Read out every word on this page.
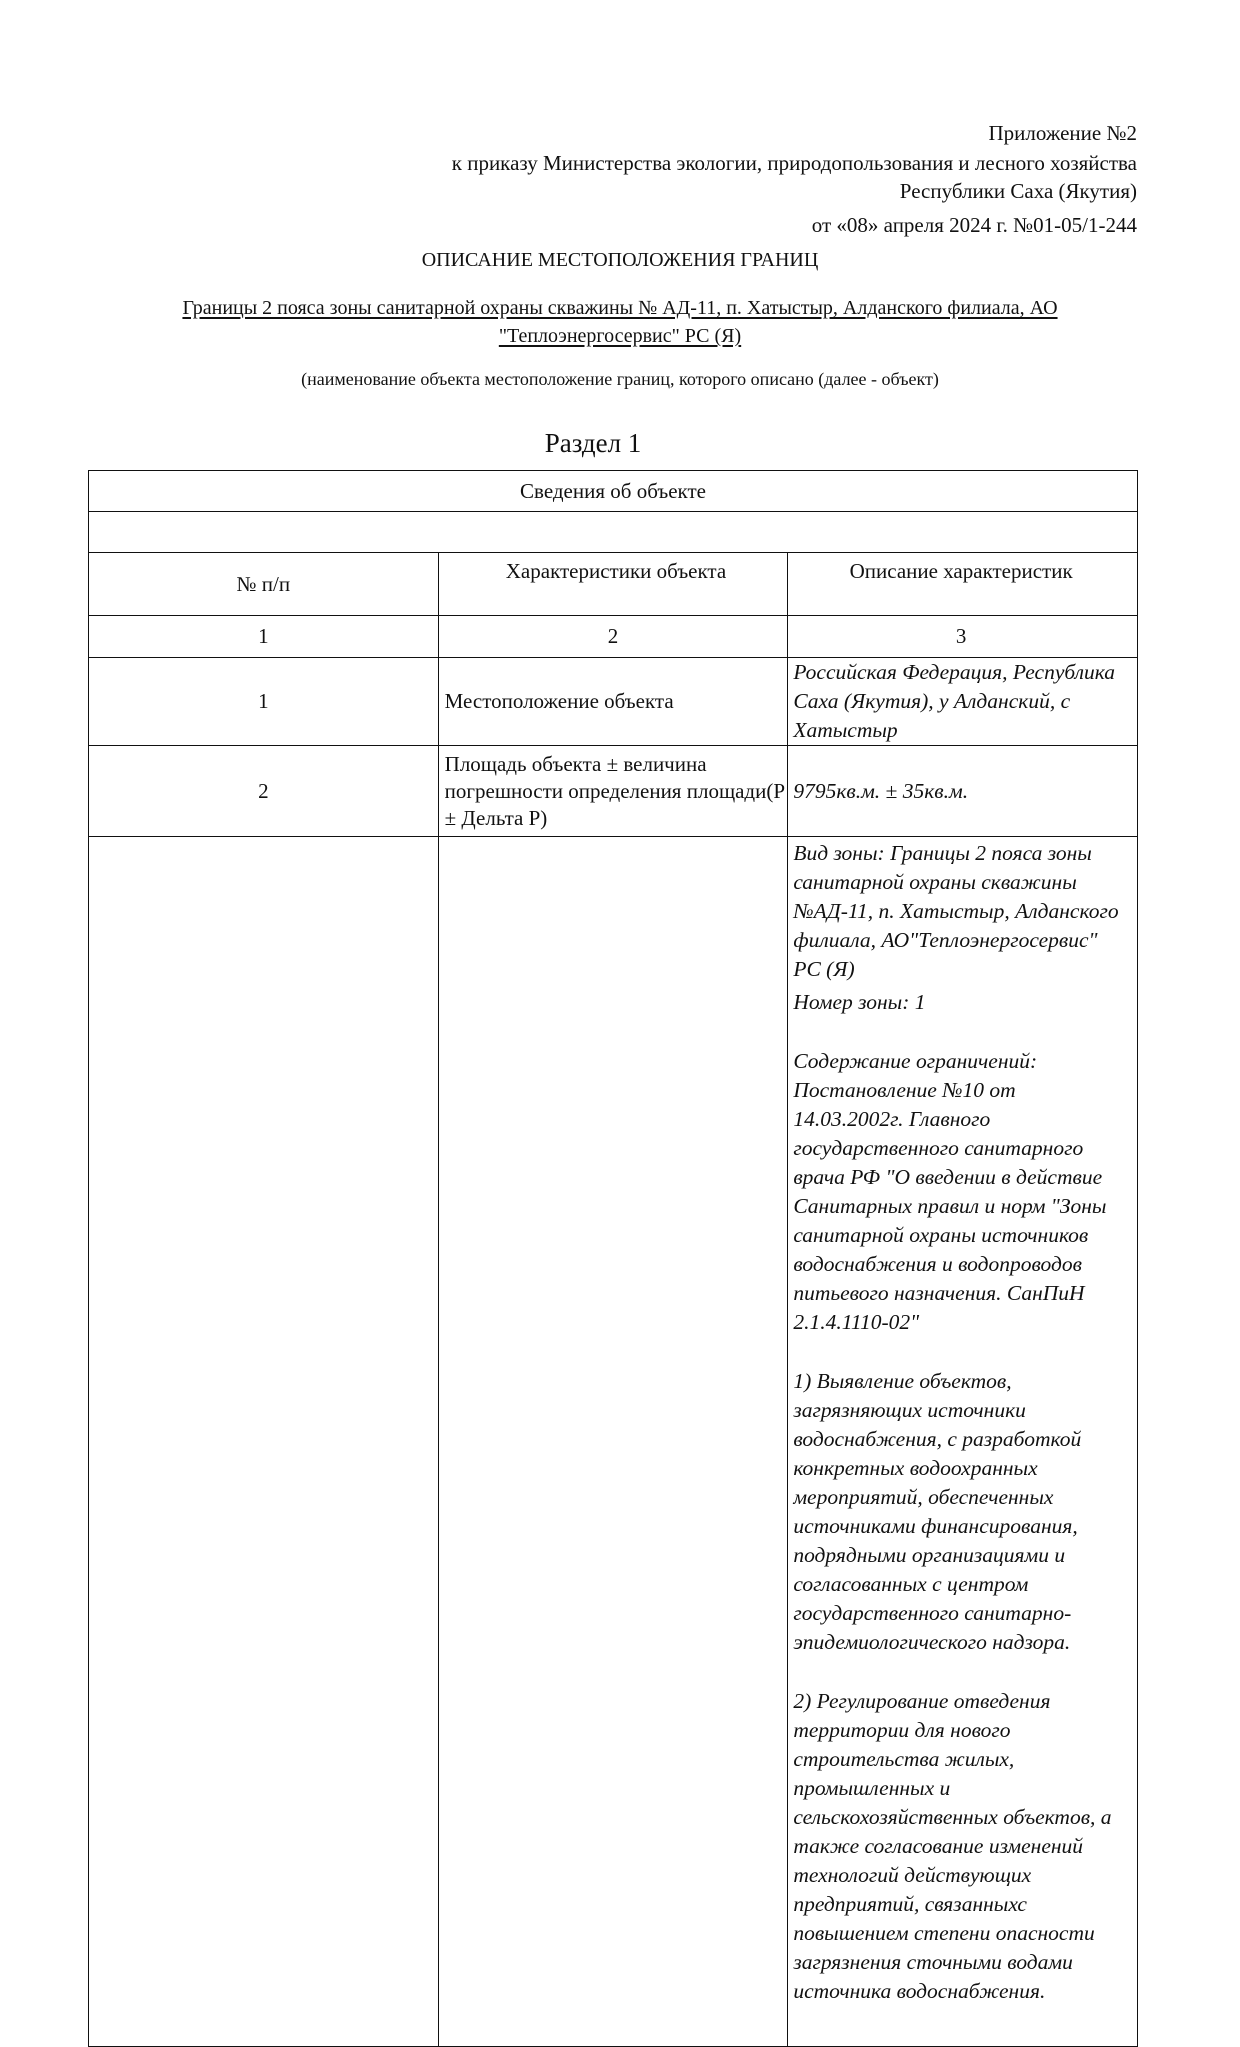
Приложение №2
к приказу Министерства экологии, природопользования и лесного хозяйства
Республики Саха (Якутия)
от «08» апреля 2024 г. №01-05/1-244
ОПИСАНИЕ МЕСТОПОЛОЖЕНИЯ ГРАНИЦ
Границы 2 пояса зоны санитарной охраны скважины № АД-11, п. Хатыстыр, Алданского филиала, АО
"Теплоэнергосервис" РС (Я)
(наименование объекта местоположение границ, которого описано (далее - объект)
Раздел 1
Сведения об объекте		

№ п/п	Характеристики объекта	Описание характеристик
1	2	3
1	Местоположение объекта	Российская Федерация, Республика Саха (Якутия), у Алданский, с Хатыстыр
2	Площадь объекта ± величина погрешности определения площади(Р ± Дельта Р)	9795кв.м. ± 35кв.м.

		Вид зоны: Границы 2 пояса зоны санитарной охраны скважины №АД-11, п. Хатыстыр, Алданского филиала, АО"Теплоэнергосервис" РС (Я)

Номер зоны: 1

Содержание ограничений: Постановление №10 от 14.03.2002г. Главного государственного санитарного врача РФ "О введении в действие Санитарных правил и норм "Зоны санитарной охраны источников водоснабжения и водопроводов питьевого назначения. СанПиН 2.1.4.1110-02"

1) Выявление объектов, загрязняющих источники водоснабжения, с разработкой конкретных водоохранных мероприятий, обеспеченных источниками финансирования, подрядными организациями и согласованных с центром государственного санитарно-эпидемиологического надзора.

2) Регулирование отведения территории для нового строительства жилых, промышленных и сельскохозяйственных объектов, а также согласование изменений технологий действующих предприятий, связанныхс повышением степени опасности загрязнения сточными водами источника водоснабжения.
